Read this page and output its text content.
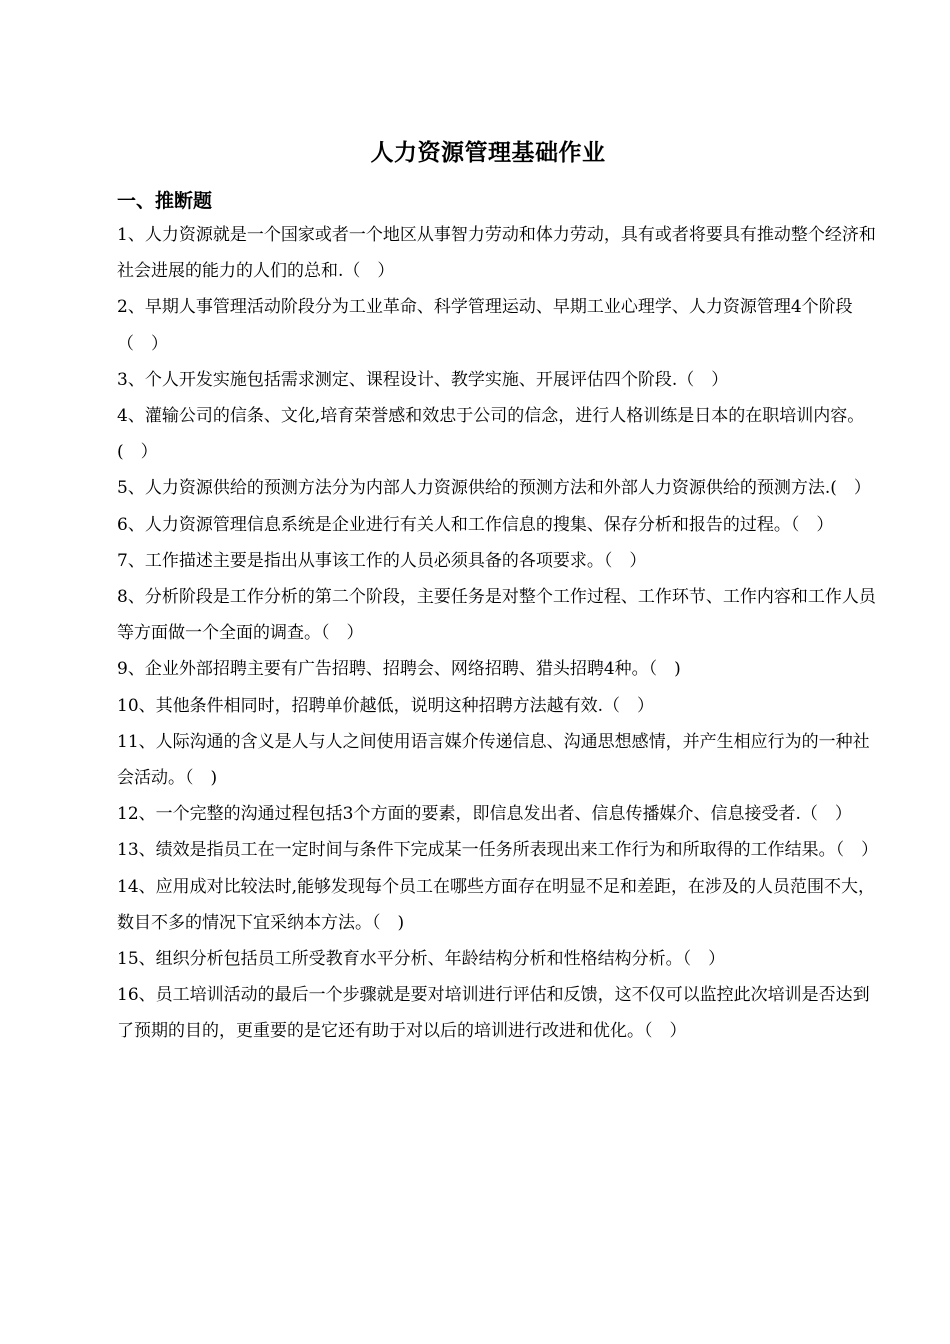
人力资源管理基础作业
一、推断题
1、人力资源就是一个国家或者一个地区从事智力劳动和体力劳动，具有或者将要具有推动整个经济和社会进展的能力的人们的总和.（　）
2、早期人事管理活动阶段分为工业革命、科学管理运动、早期工业心理学、人力资源管理4个阶段（　）
3、个人开发实施包括需求测定、课程设计、教学实施、开展评估四个阶段.（　）
4、灌输公司的信条、文化,培育荣誉感和效忠于公司的信念，进行人格训练是日本的在职培训内容。(　）
5、人力资源供给的预测方法分为内部人力资源供给的预测方法和外部人力资源供给的预测方法.(　）
6、人力资源管理信息系统是企业进行有关人和工作信息的搜集、保存分析和报告的过程。（　）
7、工作描述主要是指出从事该工作的人员必须具备的各项要求。（　）
8、分析阶段是工作分析的第二个阶段，主要任务是对整个工作过程、工作环节、工作内容和工作人员等方面做一个全面的调查。（　）
9、企业外部招聘主要有广告招聘、招聘会、网络招聘、猎头招聘4种。（　)
10、其他条件相同时，招聘单价越低，说明这种招聘方法越有效.（　）
11、人际沟通的含义是人与人之间使用语言媒介传递信息、沟通思想感情，并产生相应行为的一种社会活动。（　)
12、一个完整的沟通过程包括3个方面的要素，即信息发出者、信息传播媒介、信息接受者.（　）
13、绩效是指员工在一定时间与条件下完成某一任务所表现出来工作行为和所取得的工作结果。（　）
14、应用成对比较法时,能够发现每个员工在哪些方面存在明显不足和差距，在涉及的人员范围不大，数目不多的情况下宜采纳本方法。（　)
15、组织分析包括员工所受教育水平分析、年龄结构分析和性格结构分析。（　）
16、员工培训活动的最后一个步骤就是要对培训进行评估和反馈，这不仅可以监控此次培训是否达到了预期的目的，更重要的是它还有助于对以后的培训进行改进和优化。（　）
